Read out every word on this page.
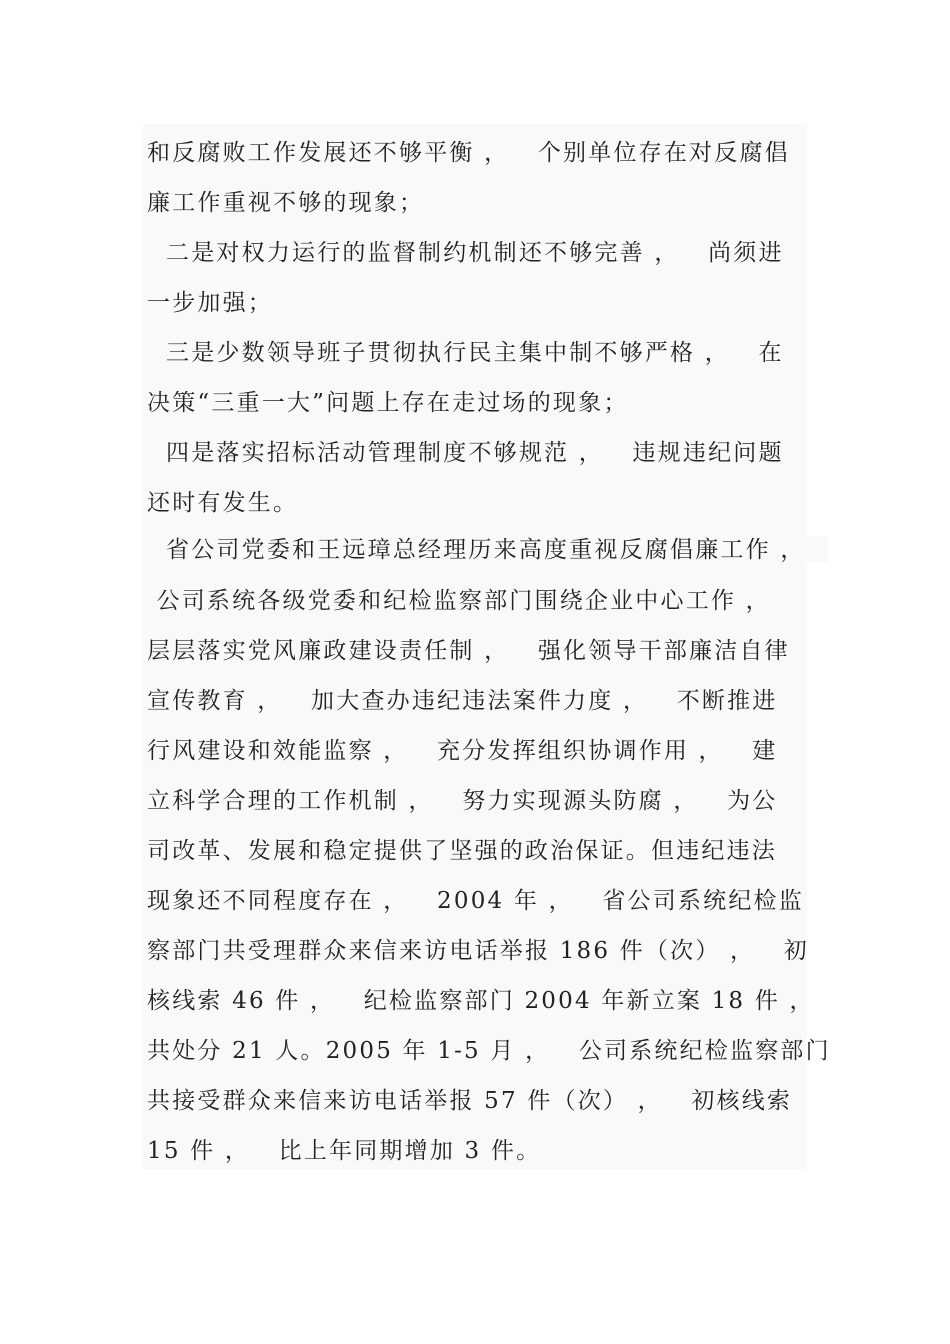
和反腐败工作发展还不够平衡 ，   个别单位存在对反腐倡
廉工作重视不够的现象；
二是对权力运行的监督制约机制还不够完善 ，   尚须进
一步加强；
三是少数领导班子贯彻执行民主集中制不够严格 ，   在
决策“三重一大”问题上存在走过场的现象；
四是落实招标活动管理制度不够规范 ，   违规违纪问题
还时有发生。
省公司党委和王远璋总经理历来高度重视反腐倡廉工作 ，
公司系统各级党委和纪检监察部门围绕企业中心工作 ，
层层落实党风廉政建设责任制 ，   强化领导干部廉洁自律
宣传教育 ，   加大查办违纪违法案件力度 ，   不断推进
行风建设和效能监察 ，   充分发挥组织协调作用 ，   建
立科学合理的工作机制 ，   努力实现源头防腐 ，   为公
司改革、发展和稳定提供了坚强的政治保证。但违纪违法
现象还不同程度存在 ，   2004 年 ，   省公司系统纪检监
察部门共受理群众来信来访电话举报 186 件（次） ，   初
核线索 46 件 ，   纪检监察部门 2004 年新立案 18 件 ，
共处分 21 人。2005 年 1-5 月 ，   公司系统纪检监察部门
共接受群众来信来访电话举报 57 件（次） ，   初核线索
15 件 ，   比上年同期增加 3 件。
